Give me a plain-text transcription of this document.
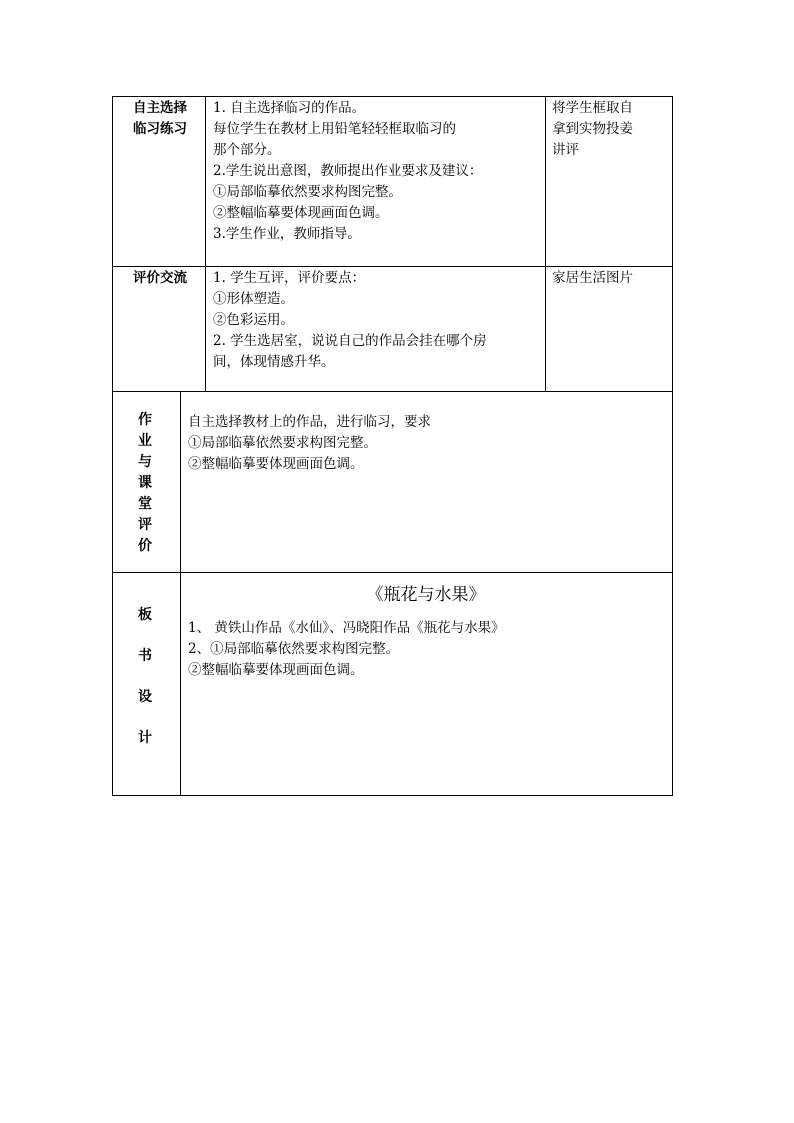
自主选择
临习练习
1. 自主选择临习的作品。
每位学生在教材上用铅笔轻轻框取临习的
那个部分。
2.学生说出意图，教师提出作业要求及建议：
①局部临摹依然要求构图完整。
②整幅临摹要体现画面色调。
3.学生作业，教师指导。
将学生框取自
拿到实物投姜
讲评
评价交流	1. 学生互评，评价要点：
①形体塑造。
②色彩运用。
2. 学生选居室，说说自己的作品会挂在哪个房
间，体现情感升华。
家居生活图片
作
业
与
课
堂
评
价
自主选择教材上的作品，进行临习，要求
①局部临摹依然要求构图完整。
②整幅临摹要体现画面色调。
板
书
设
计
《瓶花与水果》
1、 黄铁山作品《水仙》、冯晓阳作品《瓶花与水果》
2、①局部临摹依然要求构图完整。
②整幅临摹要体现画面色调。
